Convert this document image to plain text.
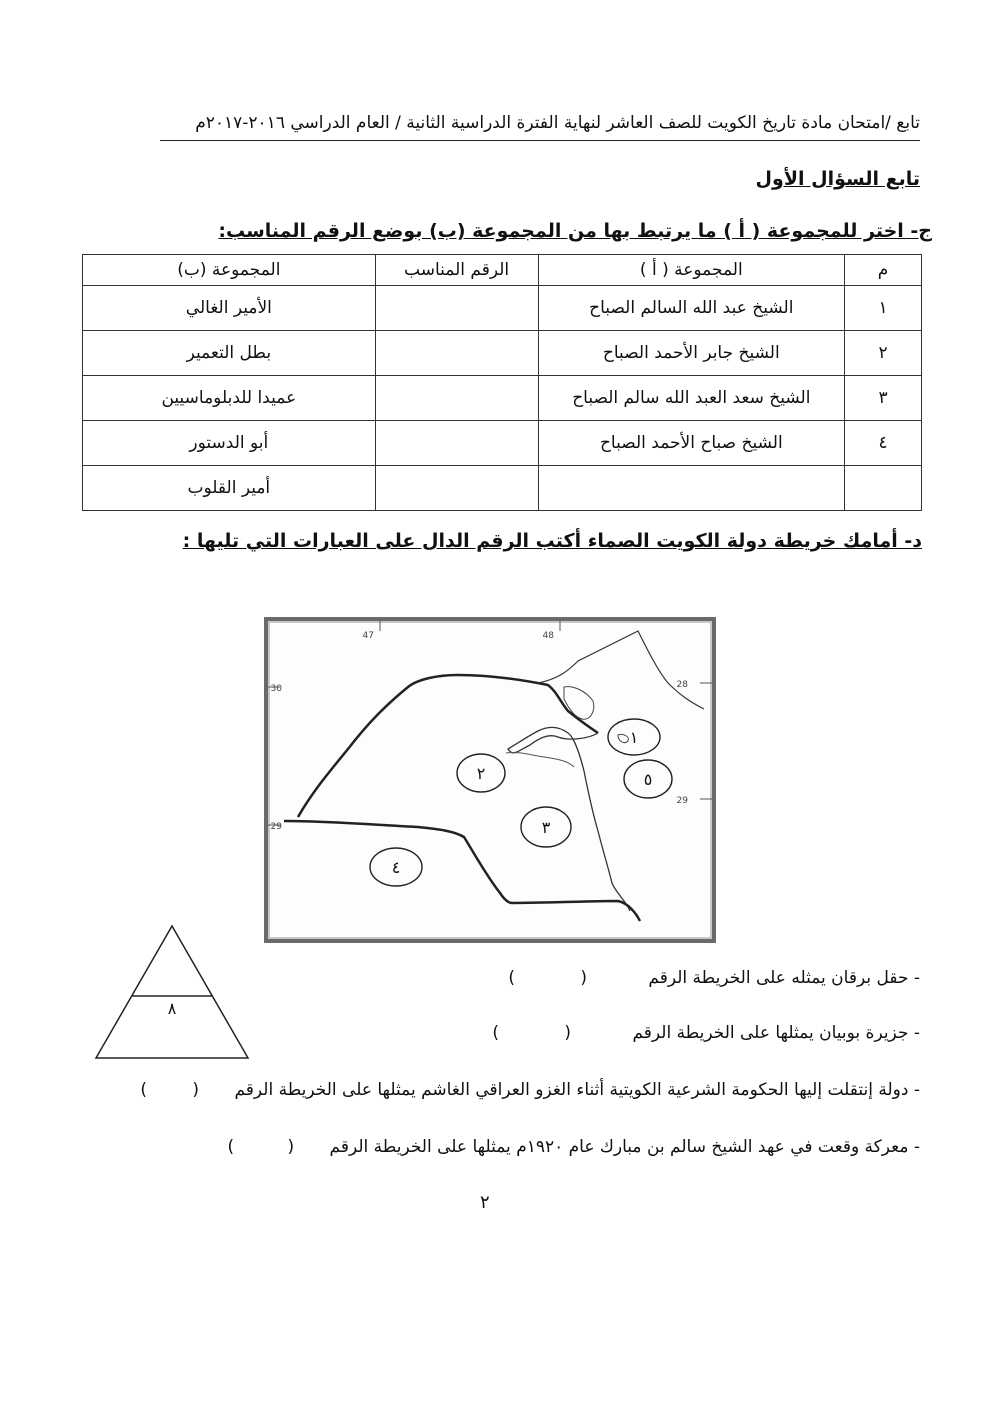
تابع /امتحان مادة تاريخ الكويت للصف العاشر لنهاية الفترة الدراسية الثانية / العام الدراسي ٢٠١٦-٢٠١٧م
تابع السؤال الأول
ج- اختر للمجموعة ( أ ) ما يرتبط بها من المجموعة (ب) بوضع الرقم المناسب:
م	المجموعة ( أ )	الرقم المناسب	المجموعة (ب)
١	الشيخ عبد الله السالم الصباح		الأمير الغالي
٢	الشيخ جابر الأحمد الصباح		بطل التعمير
٣	الشيخ سعد العبد الله سالم الصباح		عميدا للدبلوماسيين
٤	الشيخ صباح الأحمد الصباح		أبو الدستور
			أمير القلوب
د- أمامك خريطة دولة الكويت الصماء أكتب الرقم الدال على العبارات التي تليها :
47	48
30
29
28
29
١
٢
٣
٤
٥
٨
- حقل برقان يمثله على الخريطة الرقم ( )
- جزيرة بوبيان يمثلها على الخريطة الرقم ( )
- دولة إنتقلت إليها الحكومة الشرعية الكويتية أثناء الغزو العراقي الغاشم يمثلها على الخريطة الرقم ( )
- معركة وقعت في عهد الشيخ سالم بن مبارك عام ١٩٢٠م يمثلها على الخريطة الرقم ( )
٢
